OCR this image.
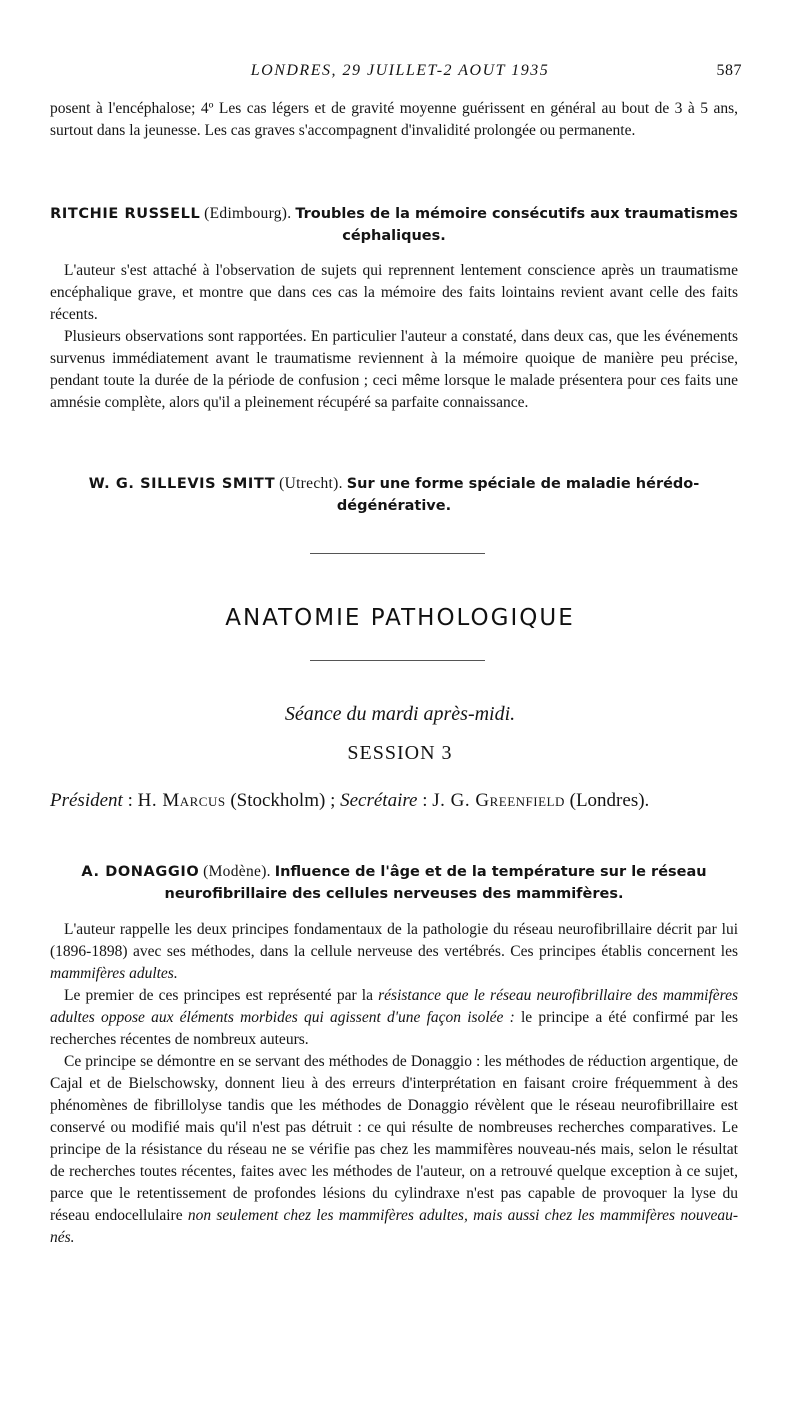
LONDRES, 29 JUILLET-2 AOUT 1935	587

posent à l'encéphalose; 4º Les cas légers et de gravité moyenne guérissent en général au bout de 3 à 5 ans, surtout dans la jeunesse. Les cas graves s'accompagnent d'invalidité prolongée ou permanente.

RITCHIE RUSSELL (Edimbourg). Troubles de la mémoire consécutifs aux traumatismes céphaliques.

L'auteur s'est attaché à l'observation de sujets qui reprennent lentement conscience après un traumatisme encéphalique grave, et montre que dans ces cas la mémoire des faits lointains revient avant celle des faits récents.

Plusieurs observations sont rapportées. En particulier l'auteur a constaté, dans deux cas, que les événements survenus immédiatement avant le traumatisme reviennent à la mémoire quoique de manière peu précise, pendant toute la durée de la période de confusion ; ceci même lorsque le malade présentera pour ces faits une amnésie complète, alors qu'il a pleinement récupéré sa parfaite connaissance.

W. G. SILLEVIS SMITT (Utrecht). Sur une forme spéciale de maladie hérédo-dégénérative.

ANATOMIE PATHOLOGIQUE
Séance du mardi après-midi.
SESSION 3

Président : H. Marcus (Stockholm) ; Secrétaire : J. G. Greenfield (Londres).

A. DONAGGIO (Modène). Influence de l'âge et de la température sur le réseau neurofibrillaire des cellules nerveuses des mammifères.

L'auteur rappelle les deux principes fondamentaux de la pathologie du réseau neurofibrillaire décrit par lui (1896-1898) avec ses méthodes, dans la cellule nerveuse des vertébrés. Ces principes établis concernent les mammifères adultes.

Le premier de ces principes est représenté par la résistance que le réseau neurofibrillaire des mammifères adultes oppose aux éléments morbides qui agissent d'une façon isolée : le principe a été confirmé par les recherches récentes de nombreux auteurs.

Ce principe se démontre en se servant des méthodes de Donaggio : les méthodes de réduction argentique, de Cajal et de Bielschowsky, donnent lieu à des erreurs d'interprétation en faisant croire fréquemment à des phénomènes de fibrillolyse tandis que les méthodes de Donaggio révèlent que le réseau neurofibrillaire est conservé ou modifié mais qu'il n'est pas détruit : ce qui résulte de nombreuses recherches comparatives. Le principe de la résistance du réseau ne se vérifie pas chez les mammifères nouveau-nés mais, selon le résultat de recherches toutes récentes, faites avec les méthodes de l'auteur, on a retrouvé quelque exception à ce sujet, parce que le retentissement de profondes lésions du cylindraxe n'est pas capable de provoquer la lyse du réseau endocellulaire non seulement chez les mammifères adultes, mais aussi chez les mammifères nouveau-nés.
